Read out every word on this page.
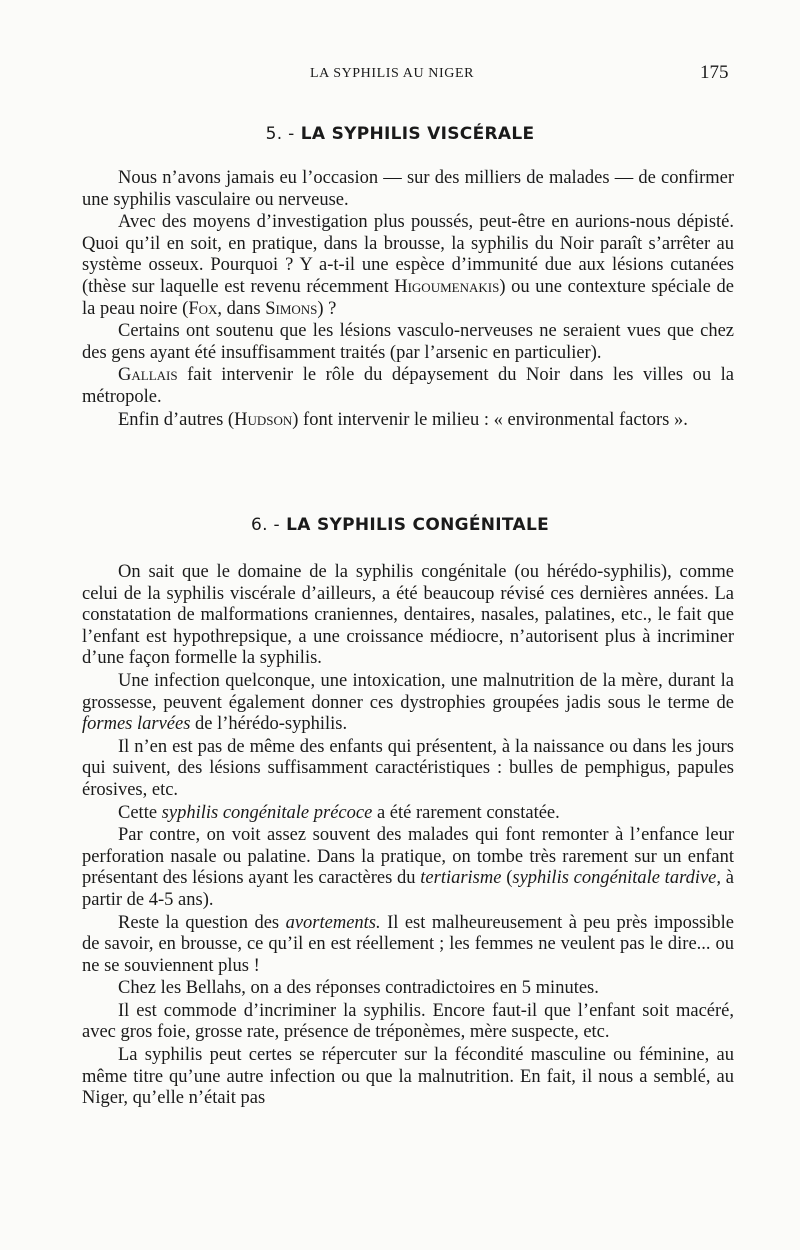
LA SYPHILIS AU NIGER	175
5. - LA SYPHILIS VISCÉRALE

Nous n’avons jamais eu l’occasion — sur des milliers de malades — de confirmer une syphilis vasculaire ou nerveuse.

Avec des moyens d’investigation plus poussés, peut-être en aurions-nous dépisté. Quoi qu’il en soit, en pratique, dans la brousse, la syphilis du Noir paraît s’arrêter au système osseux. Pourquoi ? Y a-t-il une espèce d’immunité due aux lésions cutanées (thèse sur laquelle est revenu récemment Higoumenakis) ou une contexture spéciale de la peau noire (Fox, dans Simons) ?

Certains ont soutenu que les lésions vasculo-nerveuses ne seraient vues que chez des gens ayant été insuffisamment traités (par l’arsenic en particulier).

Gallais fait intervenir le rôle du dépaysement du Noir dans les villes ou la métropole.

Enfin d’autres (Hudson) font intervenir le milieu : « environmental factors ».

6. - LA SYPHILIS CONGÉNITALE

On sait que le domaine de la syphilis congénitale (ou hérédo-syphilis), comme celui de la syphilis viscérale d’ailleurs, a été beaucoup révisé ces dernières années. La constatation de malformations craniennes, dentaires, nasales, palatines, etc., le fait que l’enfant est hypothrepsique, a une croissance médiocre, n’autorisent plus à incriminer d’une façon formelle la syphilis.

Une infection quelconque, une intoxication, une malnutrition de la mère, durant la grossesse, peuvent également donner ces dystrophies groupées jadis sous le terme de formes larvées de l’hérédo-syphilis.

Il n’en est pas de même des enfants qui présentent, à la naissance ou dans les jours qui suivent, des lésions suffisamment caractéristiques : bulles de pemphigus, papules érosives, etc.

Cette syphilis congénitale précoce a été rarement constatée.

Par contre, on voit assez souvent des malades qui font remonter à l’enfance leur perforation nasale ou palatine. Dans la pratique, on tombe très rarement sur un enfant présentant des lésions ayant les caractères du tertiarisme (syphilis congénitale tardive, à partir de 4-5 ans).

Reste la question des avortements. Il est malheureusement à peu près impossible de savoir, en brousse, ce qu’il en est réellement ; les femmes ne veulent pas le dire... ou ne se souviennent plus !

Chez les Bellahs, on a des réponses contradictoires en 5 minutes.

Il est commode d’incriminer la syphilis. Encore faut-il que l’enfant soit macéré, avec gros foie, grosse rate, présence de tréponèmes, mère suspecte, etc.

La syphilis peut certes se répercuter sur la fécondité masculine ou féminine, au même titre qu’une autre infection ou que la malnutrition. En fait, il nous a semblé, au Niger, qu’elle n’était pas
